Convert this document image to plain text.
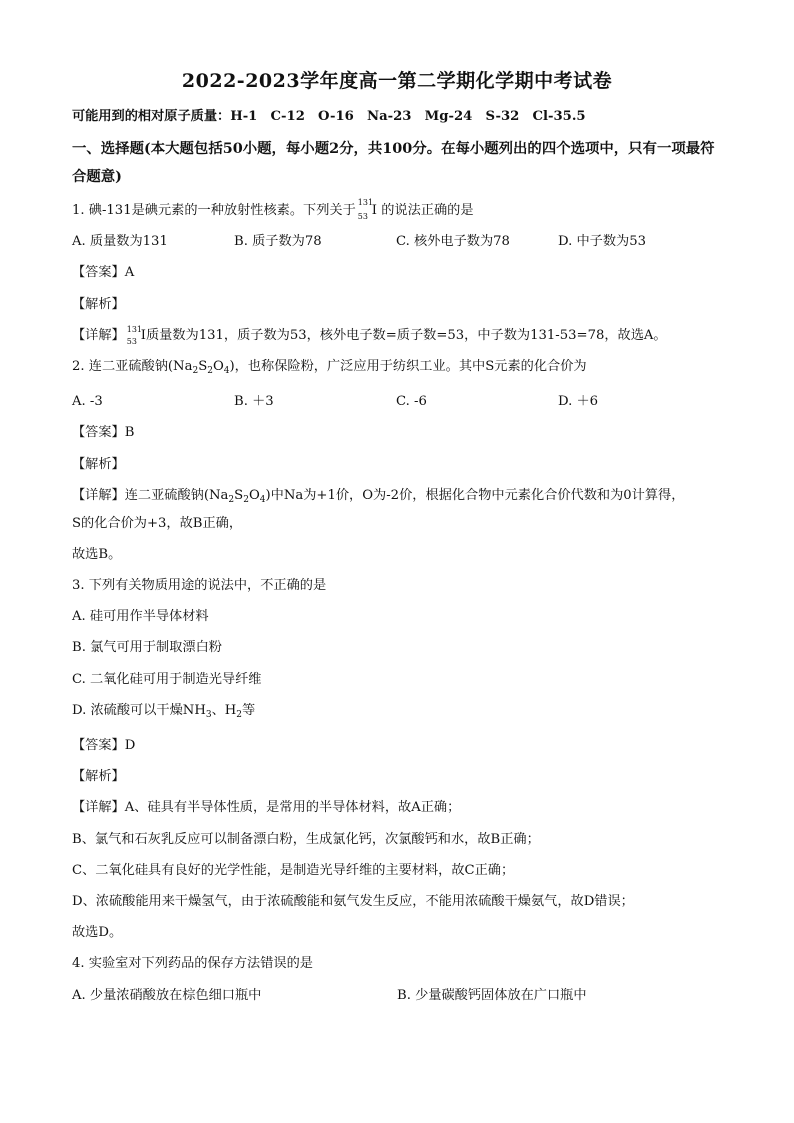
2022-2023学年度高一第二学期化学期中考试卷
可能用到的相对原子质量：H-1　C-12　O-16　Na-23　Mg-24　S-32　Cl-35.5
一、选择题(本大题包括50小题，每小题2分，共100分。在每小题列出的四个选项中，只有一项最符合题意)
1. 碘-131是碘元素的一种放射性核素。下列关于
131
53 I 的说法正确的是
A. 质量数为131	B. 质子数为78	C. 核外电子数为78	D. 中子数为53
【答案】A
【解析】
【详解】 131
53 I质量数为131，质子数为53，核外电子数=质子数=53，中子数为131-53=78，故选A。
2. 连二亚硫酸钠$(Na_2S_2O_4)$，也称保险粉，广泛应用于纺织工业。其中S元素的化合价为
A. -3	B. ＋3	C. -6	D. ＋6
【答案】B
【解析】
【详解】连二亚硫酸钠$(Na_2S_2O_4)$中Na为+1价，O为-2价，根据化合物中元素化合价代数和为0计算得，
S的化合价为+3，故B正确，
故选B。
3. 下列有关物质用途的说法中，不正确的是
A. 硅可用作半导体材料
B. 氯气可用于制取漂白粉
C. 二氧化硅可用于制造光导纤维
D. 浓硫酸可以干燥$NH_3$、$H_2$等
【答案】D
【解析】
【详解】A、硅具有半导体性质，是常用的半导体材料，故A正确；
B、氯气和石灰乳反应可以制备漂白粉，生成氯化钙，次氯酸钙和水，故B正确；
C、二氧化硅具有良好的光学性能，是制造光导纤维的主要材料，故C正确；
D、浓硫酸能用来干燥氢气，由于浓硫酸能和氨气发生反应，不能用浓硫酸干燥氨气，故D错误；
故选D。
4. 实验室对下列药品的保存方法错误的是
A. 少量浓硝酸放在棕色细口瓶中	B. 少量碳酸钙固体放在广口瓶中
